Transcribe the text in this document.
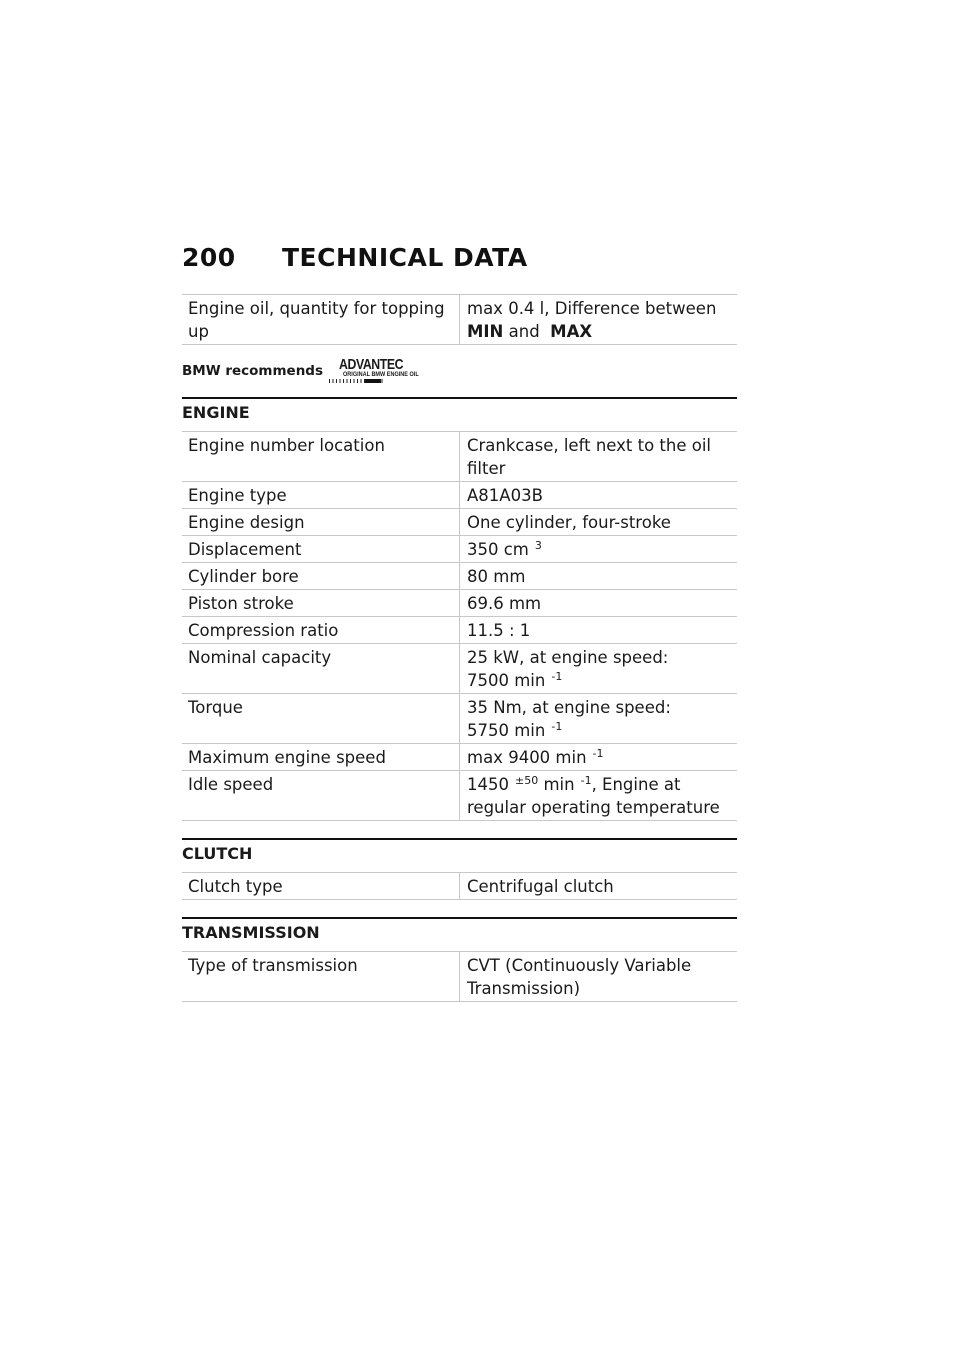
200 TECHNICAL DATA
Engine oil, quantity for topping up	max 0.4 l, Difference between
MIN and MAX
BMW recommends ADVANTEC
ORIGINAL BMW ENGINE OIL
ENGINE
Engine number location	Crankcase, left next to the oil filter
Engine type	A81A03B
Engine design	One cylinder, four-stroke
Displacement	350 cm $^3$
Cylinder bore	80 mm
Piston stroke	69.6 mm
Compression ratio	11.5 : 1
Nominal capacity	25 kW, at engine speed:
7500 min $^{-1}$
Torque	35 Nm, at engine speed:
5750 min $^{-1}$
Maximum engine speed	max 9400 min $^{-1}$
Idle speed	1450 $^{\pm 50}$ min $^{-1}$, Engine at
regular operating temperature
CLUTCH
Clutch type	Centrifugal clutch
TRANSMISSION
Type of transmission	CVT (Continuously Variable Transmission)
